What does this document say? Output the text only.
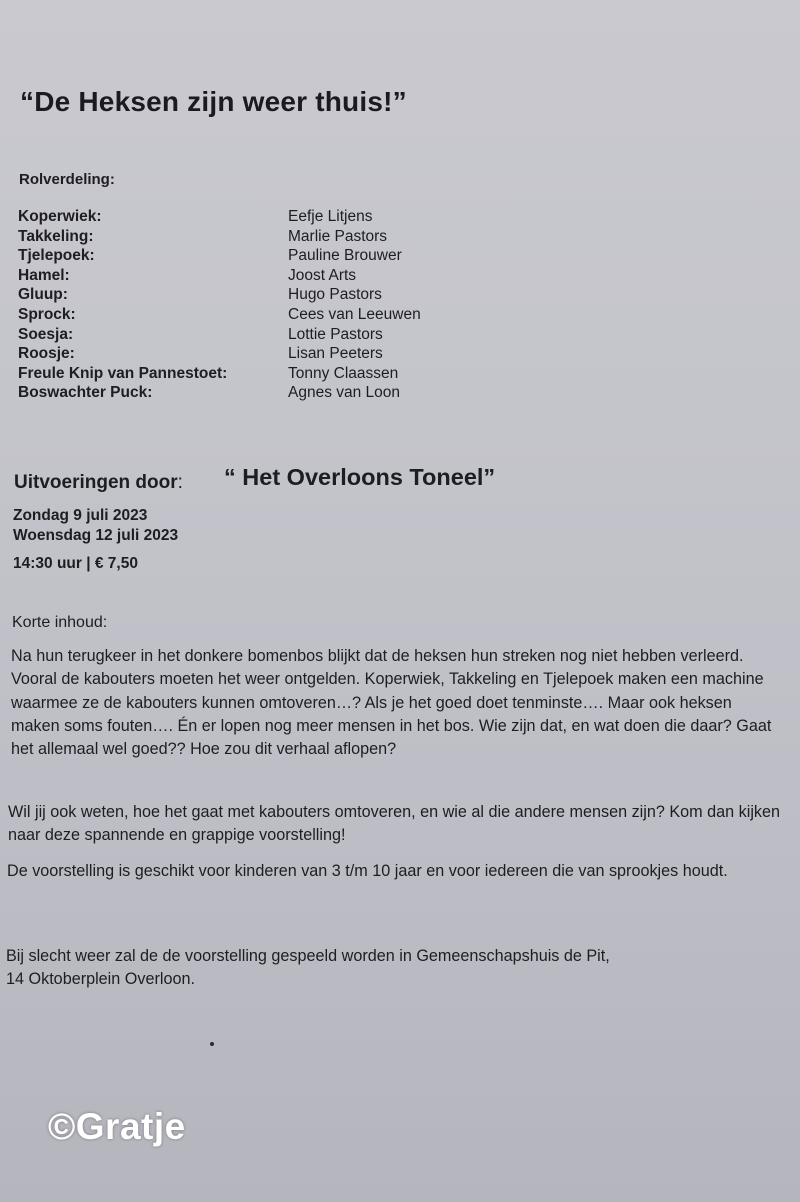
“De Heksen zijn weer thuis!”
Rolverdeling:
Koperwiek:	Eefje Litjens
Takkeling:	Marlie Pastors
Tjelepoek:	Pauline Brouwer
Hamel:	Joost Arts
Gluup:	Hugo Pastors
Sprock:	Cees van Leeuwen
Soesja:	Lottie Pastors
Roosje:	Lisan Peeters
Freule Knip van Pannestoet:	Tonny Claassen
Boswachter Puck:	Agnes van Loon
Uitvoeringen door: “ Het Overloons Toneel”
Zondag 9 juli 2023
Woensdag 12 juli 2023
14:30 uur | € 7,50
Korte inhoud:

Na hun terugkeer in het donkere bomenbos blijkt dat de heksen hun streken nog niet hebben verleerd. Vooral de kabouters moeten het weer ontgelden. Koperwiek, Takkeling en Tjelepoek maken een machine waarmee ze de kabouters kunnen omtoveren…? Als je het goed doet tenminste…. Maar ook heksen maken soms fouten…. Én er lopen nog meer mensen in het bos. Wie zijn dat, en wat doen die daar? Gaat het allemaal wel goed?? Hoe zou dit verhaal aflopen?

Wil jij ook weten, hoe het gaat met kabouters omtoveren, en wie al die andere mensen zijn? Kom dan kijken naar deze spannende en grappige voorstelling!

De voorstelling is geschikt voor kinderen van 3 t/m 10 jaar en voor iedereen die van sprookjes houdt.

Bij slecht weer zal de de voorstelling gespeeld worden in Gemeenschapshuis de Pit,
14 Oktoberplein Overloon.

©Gratje
